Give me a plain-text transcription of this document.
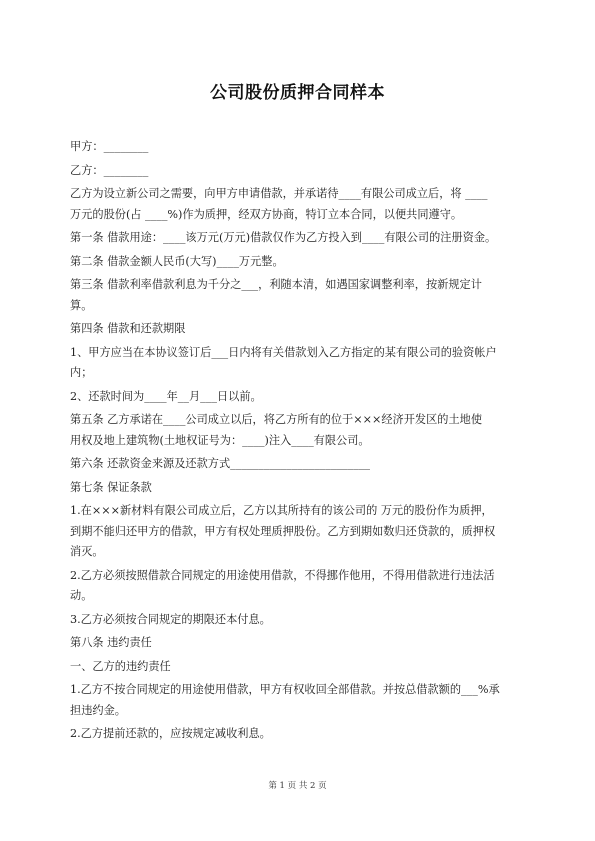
公司股份质押合同样本

甲方：________

乙方：________

乙方为设立新公司之需要，向甲方申请借款，并承诺待____有限公司成立后，将 ____

万元的股份(占 ____%)作为质押，经双方协商，特订立本合同，以便共同遵守。

第一条 借款用途：____该万元(万元)借款仅作为乙方投入到____有限公司的注册资金。

第二条 借款金额人民币(大写)____万元整。

第三条 借款利率借款利息为千分之___，利随本清，如遇国家调整利率，按新规定计

算。

第四条 借款和还款期限

1、甲方应当在本协议签订后___日内将有关借款划入乙方指定的某有限公司的验资帐户

内；

2、还款时间为____年__月___日以前。

第五条 乙方承诺在____公司成立以后，将乙方所有的位于×××经济开发区的土地使

用权及地上建筑物(土地权证号为：____)注入____有限公司。

第六条 还款资金来源及还款方式_________________________

第七条 保证条款

1.在×××新材料有限公司成立后，乙方以其所持有的该公司的 万元的股份作为质押，

到期不能归还甲方的借款，甲方有权处理质押股份。乙方到期如数归还贷款的，质押权

消灭。

2.乙方必须按照借款合同规定的用途使用借款，不得挪作他用，不得用借款进行违法活

动。

3.乙方必须按合同规定的期限还本付息。

第八条 违约责任

一、乙方的违约责任

1.乙方不按合同规定的用途使用借款，甲方有权收回全部借款。并按总借款额的___%承

担违约金。

2.乙方提前还款的，应按规定减收利息。

第 1 页 共 2 页
